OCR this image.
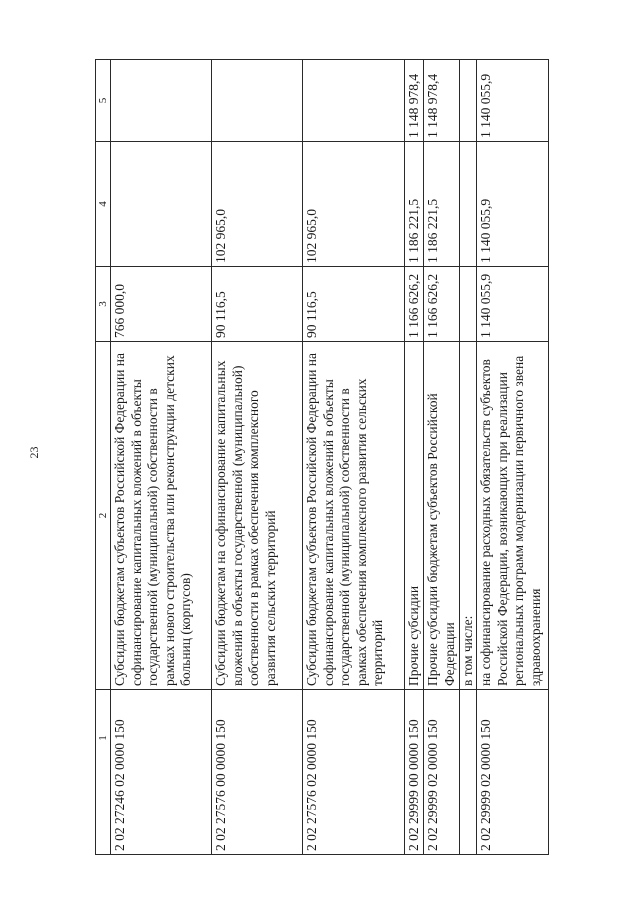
23
1	2	3	4	5
2 02 27246 02 0000 150	Субсидии бюджетам субъектов Российской Федерации на софинансирование капитальных вложений в объекты государственной (муниципальной) собственности в рамках нового строительства или реконструкции детских больниц (корпусов)	766 000,0		
2 02 27576 00 0000 150	Субсидии бюджетам на софинансирование капитальных вложений в объекты государственной (муниципальной) собственности в рамках обеспечения комплексного развития сельских территорий	90 116,5	102 965,0	
2 02 27576 02 0000 150	Субсидии бюджетам субъектов Российской Федерации на софинансирование капитальных вложений в объекты государственной (муниципальной) собственности в рамках обеспечения комплексного развития сельских территорий	90 116,5	102 965,0	
2 02 29999 00 0000 150	Прочие субсидии	1 166 626,2	1 186 221,5	1 148 978,4
2 02 29999 02 0000 150	Прочие субсидии бюджетам субъектов Российской Федерации	1 166 626,2	1 186 221,5	1 148 978,4

	в том числе:			

2 02 29999 02 0000 150	на софинансирование расходных обязательств субъектов Российской Федерации, возникающих при реализации региональных программ модернизации первичного звена здравоохранения	1 140 055,9	1 140 055,9	1 140 055,9
